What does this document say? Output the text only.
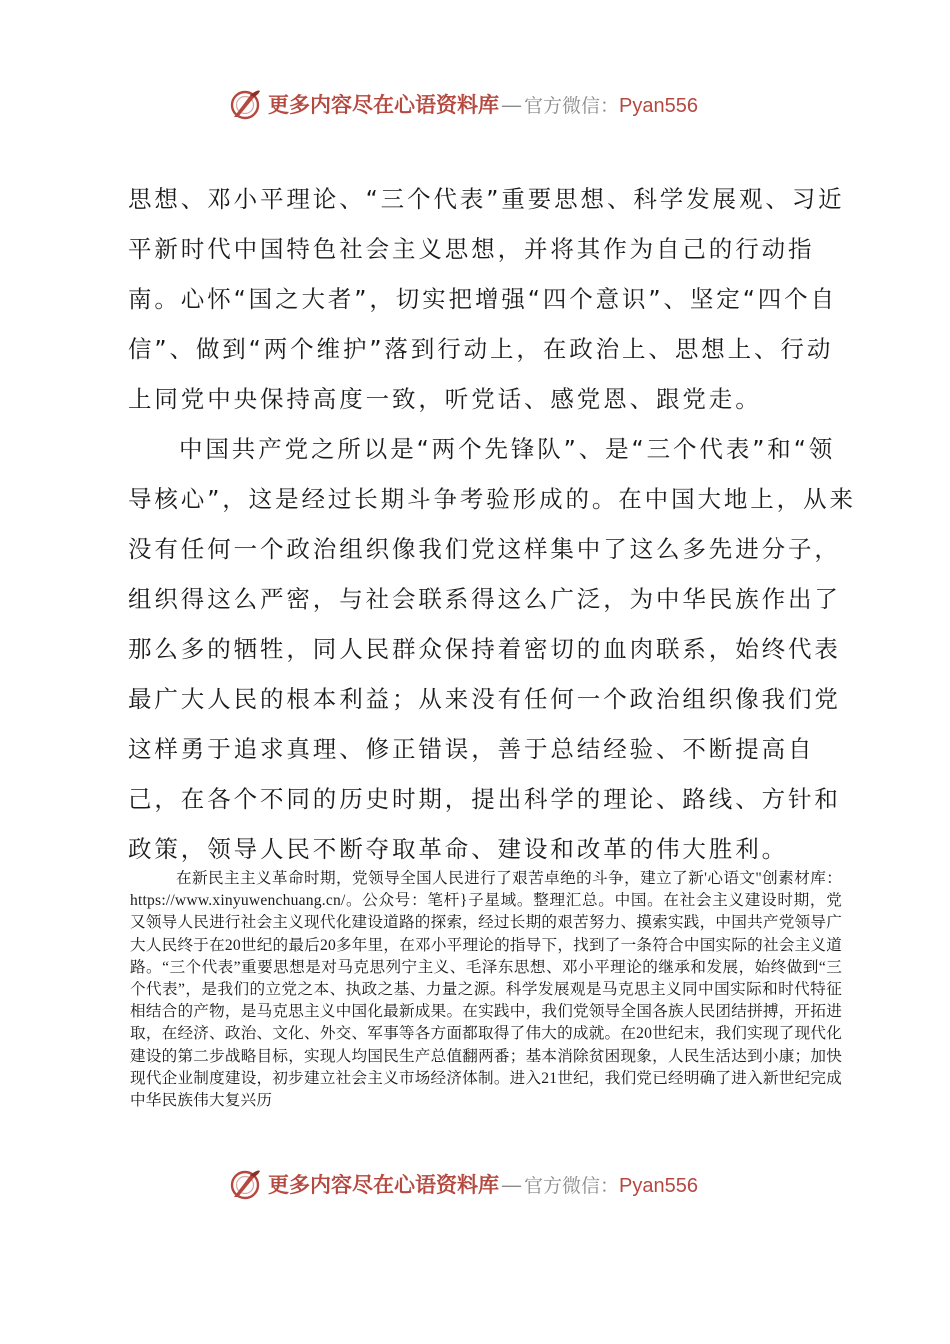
更多内容尽在心语资料库— 官方微信：Pyan556

思想、邓小平理论、“三个代表”重要思想、科学发展观、习近平新时代中国特色社会主义思想，并将其作为自己的行动指南。心怀“国之大者”，切实把增强“四个意识”、坚定“四个自信”、做到“两个维护”落到行动上，在政治上、思想上、行动上同党中央保持高度一致，听党话、感党恩、跟党走。

中国共产党之所以是“两个先锋队”、是“三个代表”和“领导核心”，这是经过长期斗争考验形成的。在中国大地上，从来没有任何一个政治组织像我们党这样集中了这么多先进分子，组织得这么严密，与社会联系得这么广泛，为中华民族作出了那么多的牺牲，同人民群众保持着密切的血肉联系，始终代表最广大人民的根本利益；从来没有任何一个政治组织像我们党这样勇于追求真理、修正错误，善于总结经验、不断提高自己，在各个不同的历史时期，提出科学的理论、路线、方针和政策，领导人民不断夺取革命、建设和改革的伟大胜利。

在新民主主义革命时期，党领导全国人民进行了艰苦卓绝的斗争，建立了新'心语文"创素材库：https://www.xinyuwenchuang.cn/。公众号：笔杆}子星域。整理汇总。中国。在社会主义建设时期，党又领导人民进行社会主义现代化建设道路的探索，经过长期的艰苦努力、摸索实践，中国共产党领导广大人民终于在20世纪的最后20多年里，在邓小平理论的指导下，找到了一条符合中国实际的社会主义道路。“三个代表”重要思想是对马克思列宁主义、毛泽东思想、邓小平理论的继承和发展，始终做到“三个代表”，是我们的立党之本、执政之基、力量之源。科学发展观是马克思主义同中国实际和时代特征相结合的产物，是马克思主义中国化最新成果。在实践中，我们党领导全国各族人民团结拼搏，开拓进取，在经济、政治、文化、外交、军事等各方面都取得了伟大的成就。在20世纪末，我们实现了现代化建设的第二步战略目标，实现人均国民生产总值翻两番；基本消除贫困现象，人民生活达到小康；加快现代企业制度建设，初步建立社会主义市场经济体制。进入21世纪，我们党已经明确了进入新世纪完成中华民族伟大复兴历

更多内容尽在心语资料库— 官方微信：Pyan556
